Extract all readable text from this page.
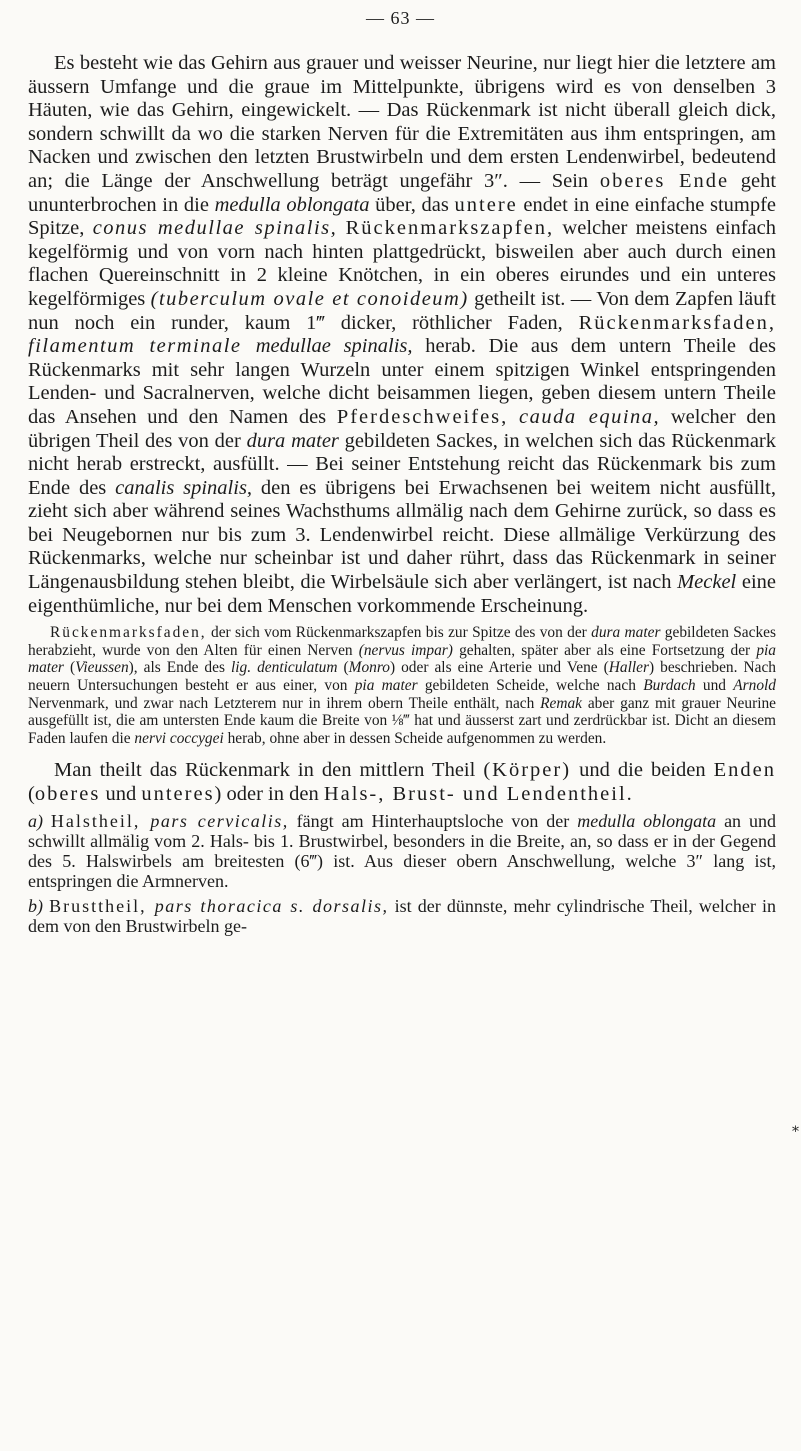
— 63 —

Es besteht wie das Gehirn aus grauer und weisser Neurine, nur liegt hier die letztere am äussern Umfange und die graue im Mittelpunkte, übrigens wird es von denselben 3 Häuten, wie das Gehirn, eingewickelt. — Das Rückenmark ist nicht überall gleich dick, sondern schwillt da wo die starken Nerven für die Extremitäten aus ihm entspringen, am Nacken und zwischen den letzten Brustwirbeln und dem ersten Lendenwirbel, bedeutend an; die Länge der Anschwellung beträgt ungefähr 3″. — Sein oberes Ende geht ununterbrochen in die medulla oblongata über, das untere endet in eine einfache stumpfe Spitze, conus medullae spinalis, Rückenmarkszapfen, welcher meistens einfach kegelförmig und von vorn nach hinten plattgedrückt, bisweilen aber auch durch einen flachen Quereinschnitt in 2 kleine Knötchen, in ein oberes eirundes und ein unteres kegelförmiges (tuberculum ovale et conoideum) getheilt ist. — Von dem Zapfen läuft nun noch ein runder, kaum 1‴ dicker, röthlicher Faden, Rückenmarksfaden, filamentum terminale medullae spinalis, herab. Die aus dem untern Theile des Rückenmarks mit sehr langen Wurzeln unter einem spitzigen Winkel entspringenden Lenden- und Sacralnerven, welche dicht beisammen liegen, geben diesem untern Theile das Ansehen und den Namen des Pferdeschweifes, cauda equina, welcher den übrigen Theil des von der dura mater gebildeten Sackes, in welchen sich das Rückenmark nicht herab erstreckt, ausfüllt. — Bei seiner Entstehung reicht das Rückenmark bis zum Ende des canalis spinalis, den es übrigens bei Erwachsenen bei weitem nicht ausfüllt, zieht sich aber während seines Wachsthums allmälig nach dem Gehirne zurück, so dass es bei Neugebornen nur bis zum 3. Lendenwirbel reicht. Diese allmälige Verkürzung des Rückenmarks, welche nur scheinbar ist und daher rührt, dass das Rückenmark in seiner Längenausbildung stehen bleibt, die Wirbelsäule sich aber verlängert, ist nach Meckel eine eigenthümliche, nur bei dem Menschen vorkommende Erscheinung.

Rückenmarksfaden, der sich vom Rückenmarkszapfen bis zur Spitze des von der dura mater gebildeten Sackes herabzieht, wurde von den Alten für einen Nerven (nervus impar) gehalten, später aber als eine Fortsetzung der pia mater (Vieussen), als Ende des lig. denticulatum (Monro) oder als eine Arterie und Vene (Haller) beschrieben. Nach neuern Untersuchungen besteht er aus einer, von pia mater gebildeten Scheide, welche nach Burdach und Arnold Nervenmark, und zwar nach Letzterem nur in ihrem obern Theile enthält, nach Remak aber ganz mit grauer Neurine ausgefüllt ist, die am untersten Ende kaum die Breite von ⅛‴ hat und äusserst zart und zerdrückbar ist. Dicht an diesem Faden laufen die nervi coccygei herab, ohne aber in dessen Scheide aufgenommen zu werden.
Man theilt das Rückenmark in den mittlern Theil (Körper) und die beiden Enden (oberes und unteres) oder in den Hals-, Brust- und Lendentheil.
a) Halstheil, pars cervicalis, fängt am Hinterhauptsloche von der medulla oblongata an und schwillt allmälig vom 2. Hals- bis 1. Brustwirbel, besonders in die Breite, an, so dass er in der Gegend des 5. Halswirbels am breitesten (6‴) ist. Aus dieser obern Anschwellung, welche 3″ lang ist, entspringen die Armnerven.
b) Brusttheil, pars thoracica s. dorsalis, ist der dünnste, mehr cylindrische Theil, welcher in dem von den Brustwirbeln ge-
*
